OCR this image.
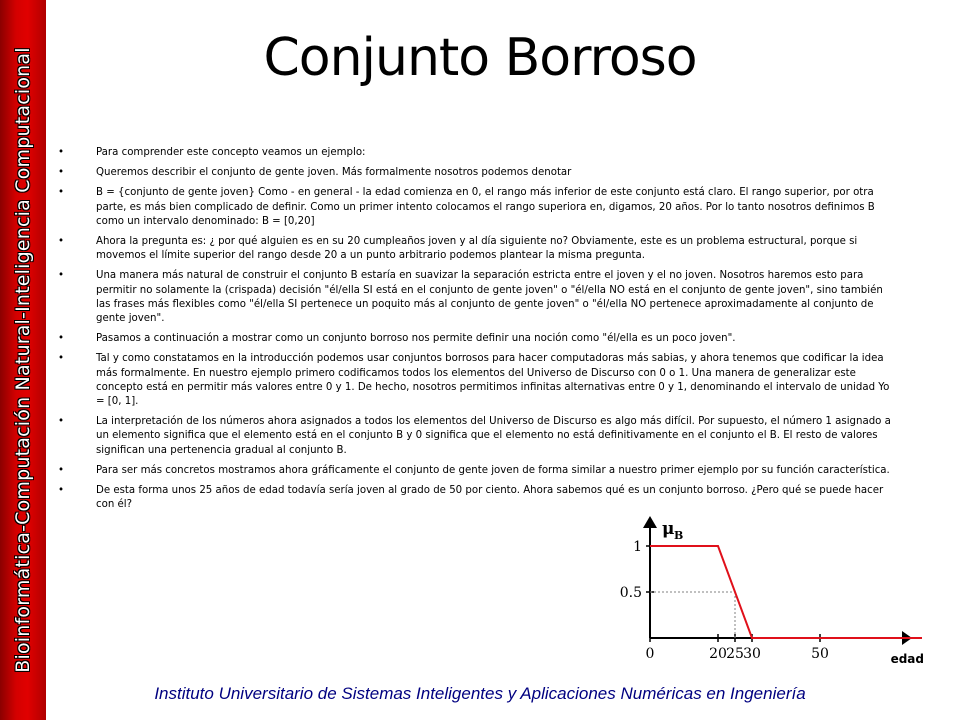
Bioinformática-Computación Natural-Inteligencia Computacional	Conjunto Borroso
• Para comprender este concepto veamos un ejemplo:
• Queremos describir el conjunto de gente joven. Más formalmente nosotros podemos denotar
• B = {conjunto de gente joven} Como - en general - la edad comienza en 0, el rango más inferior de este conjunto está claro. El rango superior, por otra parte, es más bien complicado de definir. Como un primer intento colocamos el rango superiora en, digamos, 20 años. Por lo tanto nosotros definimos B como un intervalo denominado: B = [0,20]
• Ahora la pregunta es: ¿ por qué alguien es en su 20 cumpleaños joven y al día siguiente no? Obviamente, este es un problema estructural, porque si movemos el límite superior del rango desde 20 a un punto arbitrario podemos plantear la misma pregunta.
• Una manera más natural de construir el conjunto B estaría en suavizar la separación estricta entre el joven y el no joven. Nosotros haremos esto para permitir no solamente la (crispada) decisión "él/ella SI está en el conjunto de gente joven" o "él/ella NO está en el conjunto de gente joven", sino también las frases más flexibles como "él/ella SI pertenece un poquito más al conjunto de gente joven" o "él/ella NO pertenece aproximadamente al conjunto de gente joven".
• Pasamos a continuación a mostrar como un conjunto borroso nos permite definir una noción como "él/ella es un poco joven".
• Tal y como constatamos en la introducción podemos usar conjuntos borrosos para hacer computadoras más sabias, y ahora tenemos que codificar la idea más formalmente. En nuestro ejemplo primero codificamos todos los elementos del Universo de Discurso con 0 o 1. Una manera de generalizar este concepto está en permitir más valores entre 0 y 1. De hecho, nosotros permitimos infinitas alternativas entre 0 y 1, denominando el intervalo de unidad Yo = [0, 1].
• La interpretación de los números ahora asignados a todos los elementos del Universo de Discurso es algo más difícil. Por supuesto, el número 1 asignado a un elemento significa que el elemento está en el conjunto B y 0 significa que el elemento no está definitivamente en el conjunto el B. El resto de valores significan una pertenencia gradual al conjunto B.
• Para ser más concretos mostramos ahora gráficamente el conjunto de gente joven de forma similar a nuestro primer ejemplo por su función característica.
• De esta forma unos 25 años de edad todavía sería joven al grado de 50 por ciento. Ahora sabemos qué es un conjunto borroso. ¿Pero qué se puede hacer con él?
0.5
1
0	20 25 30	50
μ B
edad
Instituto Universitario de Sistemas Inteligentes y Aplicaciones Numéricas en Ingeniería
